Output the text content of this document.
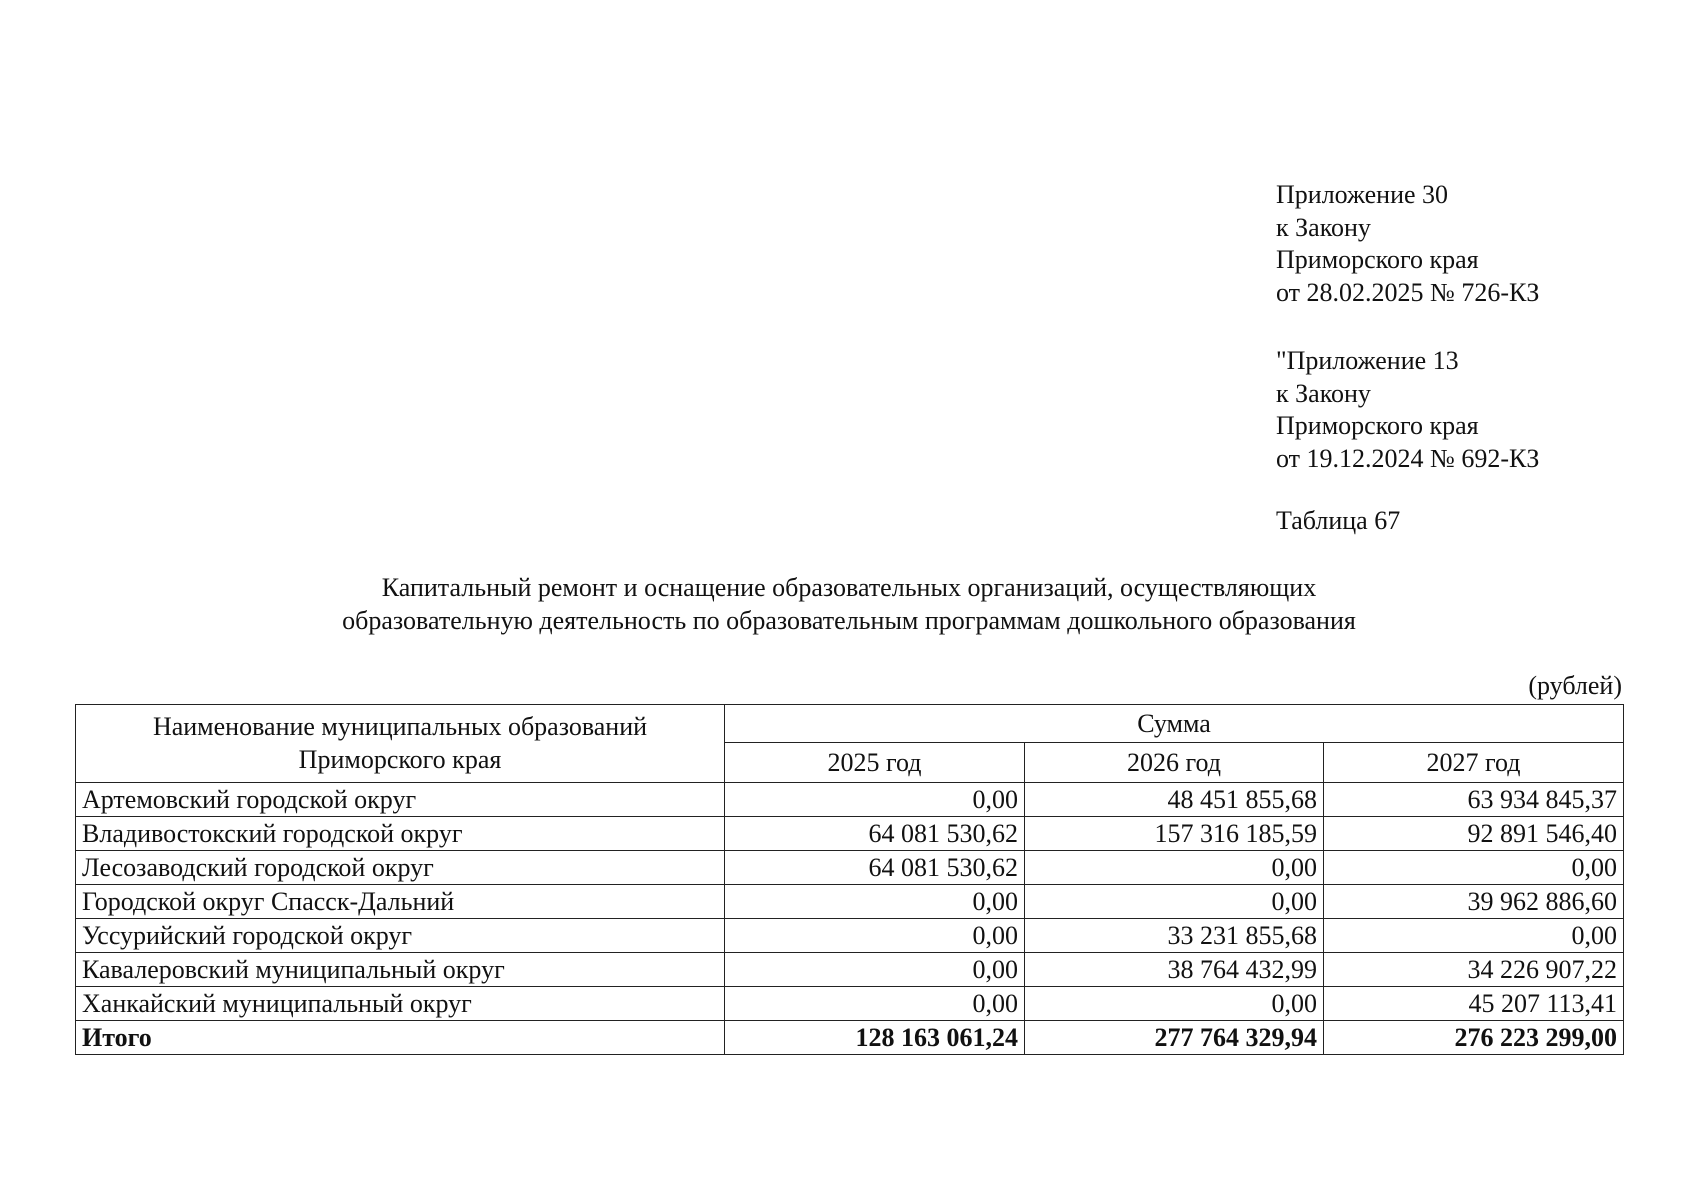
Приложение 30
к Закону
Приморского края
от 28.02.2025 № 726-КЗ
"Приложение 13
к Закону
Приморского края
от 19.12.2024 № 692-КЗ
Таблица 67
Капитальный ремонт и оснащение образовательных организаций, осуществляющих
образовательную деятельность по образовательным программам дошкольного образования
(рублей)
Наименование муниципальных образований
Приморского края	Сумма		
	2025 год	2026 год	2027 год
Артемовский городской округ	0,00	48 451 855,68	63 934 845,37
Владивостокский городской округ	64 081 530,62	157 316 185,59	92 891 546,40
Лесозаводский городской округ	64 081 530,62	0,00	0,00
Городской округ Спасск-Дальний	0,00	0,00	39 962 886,60
Уссурийский городской округ	0,00	33 231 855,68	0,00
Кавалеровский муниципальный округ	0,00	38 764 432,99	34 226 907,22
Ханкайский муниципальный округ	0,00	0,00	45 207 113,41
Итого	128 163 061,24	277 764 329,94	276 223 299,00
